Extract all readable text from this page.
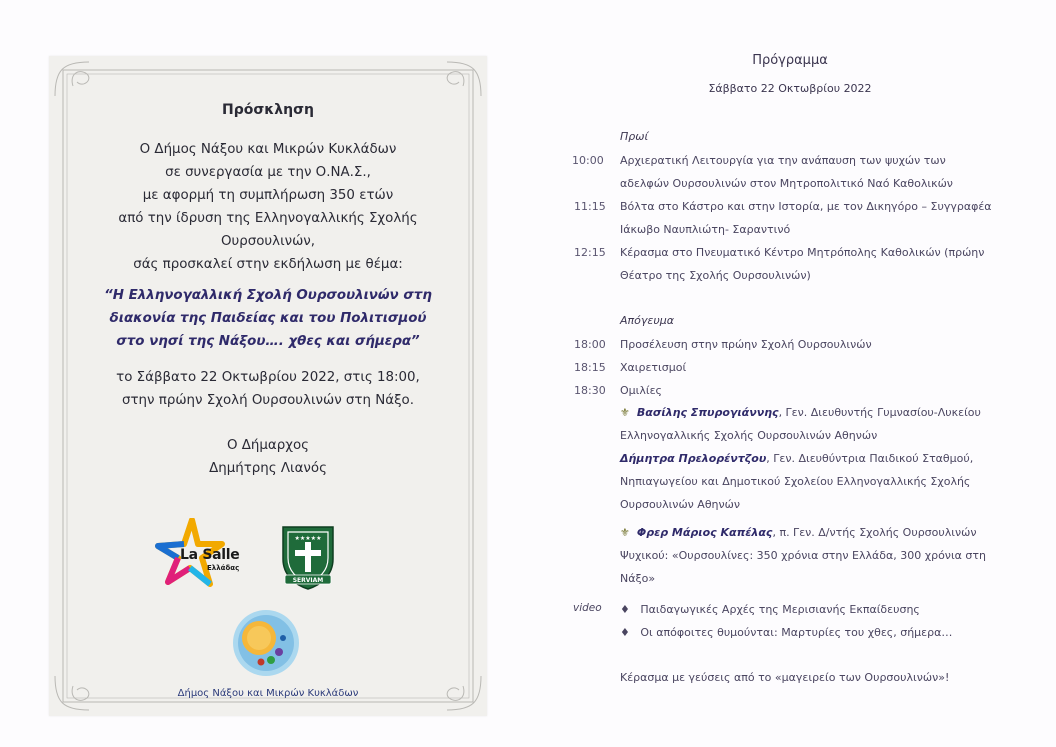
Πρόσκληση
Ο Δήμος Νάξου και Μικρών Κυκλάδων
σε συνεργασία με την Ο.ΝΑ.Σ.,
με αφορμή τη συμπλήρωση 350 ετών
από την ίδρυση της Ελληνογαλλικής Σχολής
Ουρσουλινών,
σάς προσκαλεί στην εκδήλωση με θέμα:
“Η Ελληνογαλλική Σχολή Ουρσουλινών στη
διακονία της Παιδείας και του Πολιτισμού
στο νησί της Νάξου…. χθες και σήμερα”
το Σάββατο 22 Οκτωβρίου 2022, στις 18:00,
στην πρώην Σχολή Ουρσουλινών στη Νάξο.
Ο Δήμαρχος
Δημήτρης Λιανός
La Salle
Ελλάδας
★★★★★
SERVIAM
Δήμος Νάξου και Μικρών Κυκλάδων
Πρόγραμμα
Σάββατο 22 Οκτωβρίου 2022
Πρωί
10:00 Αρχιερατική Λειτουργία για την ανάπαυση των ψυχών των
αδελφών Ουρσουλινών στον Μητροπολιτικό Ναό Καθολικών
11:15 Βόλτα στο Κάστρο και στην Ιστορία, με τον Δικηγόρο – Συγγραφέα
Ιάκωβο Ναυπλιώτη- Σαραντινό
12:15 Κέρασμα στο Πνευματικό Κέντρο Μητρόπολης Καθολικών (πρώην
Θέατρο της Σχολής Ουρσουλινών)
Απόγευμα
18:00 Προσέλευση στην πρώην Σχολή Ουρσουλινών
18:15 Χαιρετισμοί
18:30 Ομιλίες
⚜ Βασίλης Σπυρογιάννης, Γεν. Διευθυντής Γυμνασίου-Λυκείου
Ελληνογαλλικής Σχολής Ουρσουλινών Αθηνών
Δήμητρα Πρελορέντζου, Γεν. Διευθύντρια Παιδικού Σταθμού,
Νηπιαγωγείου και Δημοτικού Σχολείου Ελληνογαλλικής Σχολής
Ουρσουλινών Αθηνών
⚜ Φρερ Μάριος Καπέλας, π. Γεν. Δ/ντής Σχολής Ουρσουλινών
Ψυχικού: «Ουρσουλίνες: 350 χρόνια στην Ελλάδα, 300 χρόνια στη
Νάξο»
video ♦ Παιδαγωγικές Αρχές της Μερισιανής Εκπαίδευσης
♦ Οι απόφοιτες θυμούνται: Μαρτυρίες του χθες, σήμερα…
Κέρασμα με γεύσεις από το «μαγειρείο των Ουρσουλινών»!
